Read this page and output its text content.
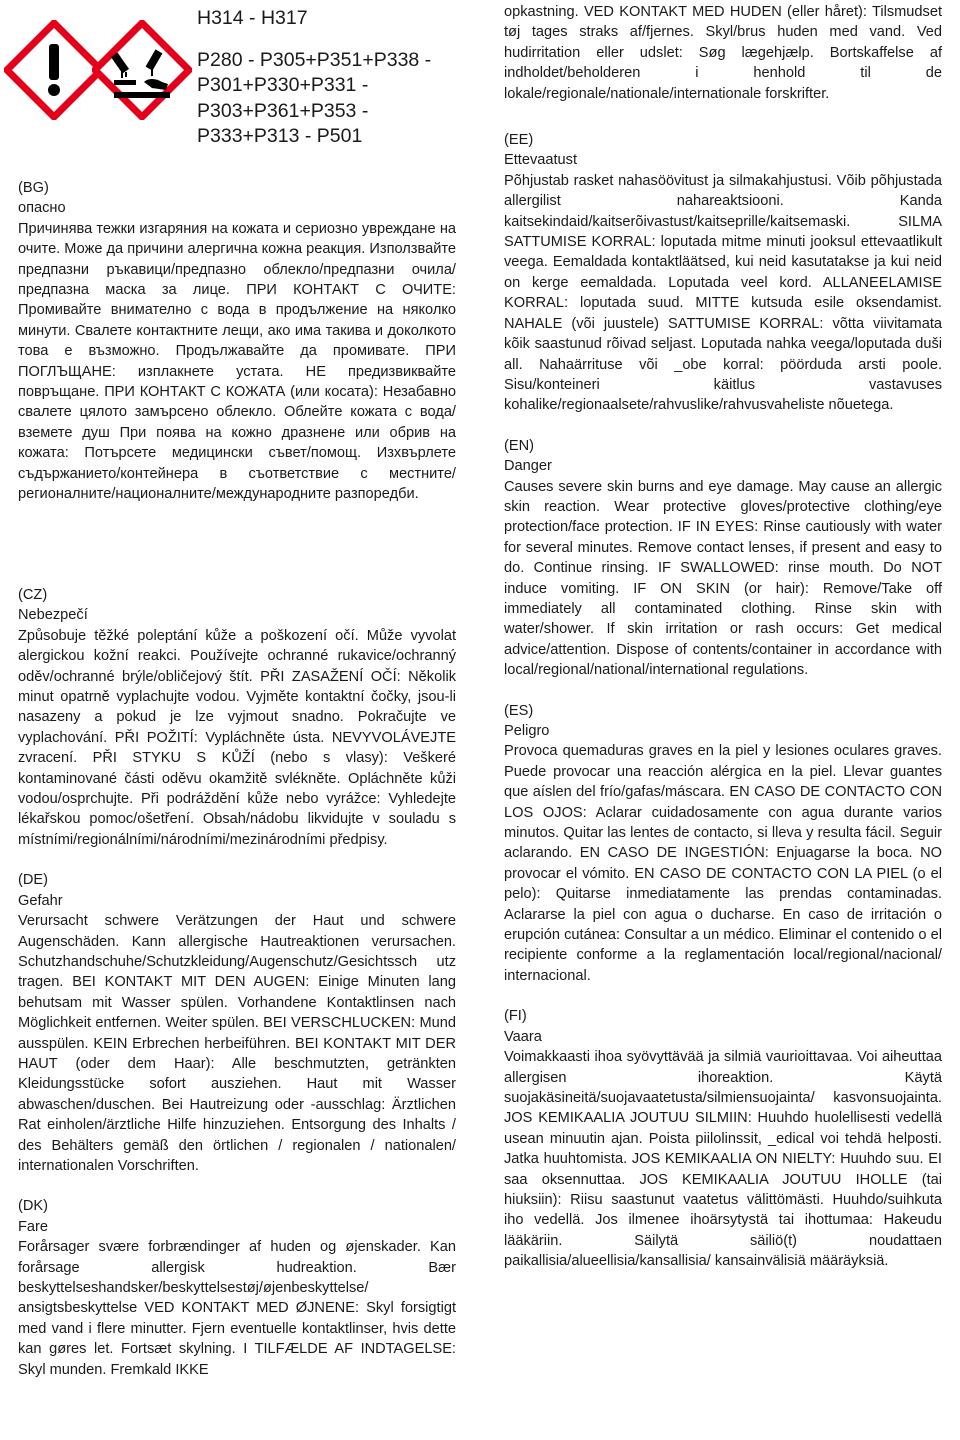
H314 - H317
P280 - P305+P351+P338 -
P301+P330+P331 -
P303+P361+P353 -
P333+P313 - P501

(BG)

опасно

Причинява тежки изгаряния на кожата и сериозно увреждане на очите. Може да причини алергична кожна реакция. Използвайте предпазни ръкавици/предпазно облекло/предпазни очила/предпазна маска за лице. ПРИ КОНТАКТ С ОЧИТЕ: Промивайте внимателно с вода в продължение на няколко минути. Свалете контактните лещи, ако има такива и доколкото това е възможно. Продължавайте да промивате. ПРИ ПОГЛЪЩАНЕ: изплакнете устата. НЕ предизвиквайте повръщане. ПРИ КОНТАКТ С КОЖАТА (или косата): Незабавно свалете цялото замърсено облекло. Облейте кожата с вода/вземете душ При поява на кожно дразнене или обрив на кожата: Потърсете медицински съвет/помощ. Изхвърлете съдържанието/контейнера в съответствие с местните/регионалните/националните/международните разпоредби.

(CZ)

Nebezpečí

Způsobuje těžké poleptání kůže a poškození očí. Může vyvolat alergickou kožní reakci. Používejte ochranné rukavice/ochranný oděv/ochranné brýle/obličejový štít. PŘI ZASAŽENÍ OČÍ: Několik minut opatrně vyplachujte vodou. Vyjměte kontaktní čočky, jsou-li nasazeny a pokud je lze vyjmout snadno. Pokračujte ve vyplachování. PŘI POŽITÍ: Vypláchněte ústa. NEVYVOLÁVEJTE zvracení. PŘI STYKU S KŮŽÍ (nebo s vlasy): Veškeré kontaminované části oděvu okamžitě svlékněte. Opláchněte kůži vodou/osprchujte. Při podráždění kůže nebo vyrážce: Vyhledejte lékařskou pomoc/ošetření. Obsah/nádobu likvidujte v souladu s místními/regionálními/národními/mezinárodními předpisy.

(DE)

Gefahr

Verursacht schwere Verätzungen der Haut und schwere Augenschäden. Kann allergische Hautreaktionen verursachen. Schutzhandschuhe/Schutzkleidung/Augenschutz/Gesichtssch utz tragen. BEI KONTAKT MIT DEN AUGEN: Einige Minuten lang behutsam mit Wasser spülen. Vorhandene Kontaktlinsen nach Möglichkeit entfernen. Weiter spülen. BEI VERSCHLUCKEN: Mund ausspülen. KEIN Erbrechen herbeiführen. BEI KONTAKT MIT DER HAUT (oder dem Haar): Alle beschmutzten, getränkten Kleidungsstücke sofort ausziehen. Haut mit Wasser abwaschen/duschen. Bei Hautreizung oder -ausschlag: Ärztlichen Rat einholen/ärztliche Hilfe hinzuziehen. Entsorgung des Inhalts / des Behälters gemäß den örtlichen / regionalen / nationalen/ internationalen Vorschriften.

(DK)

Fare

Forårsager svære forbrændinger af huden og øjenskader. Kan forårsage allergisk hudreaktion. Bær beskyttelseshandsker/beskyttelsestøj/øjenbeskyttelse/ ansigtsbeskyttelse VED KONTAKT MED ØJNENE: Skyl forsigtigt med vand i flere minutter. Fjern eventuelle kontaktlinser, hvis dette kan gøres let. Fortsæt skylning. I TILFÆLDE AF INDTAGELSE: Skyl munden. Fremkald IKKE

opkastning. VED KONTAKT MED HUDEN (eller håret): Tilsmudset tøj tages straks af/fjernes. Skyl/brus huden med vand. Ved hudirritation eller udslet: Søg lægehjælp. Bortskaffelse af indholdet/beholderen i henhold til de lokale/regionale/nationale/internationale forskrifter.

(EE)

Ettevaatust

Põhjustab rasket nahasöövitust ja silmakahjustusi. Võib põhjustada allergilist nahareaktsiooni. Kanda kaitsekindaid/kaitserõivastust/kaitseprille/kaitsemaski. SILMA SATTUMISE KORRAL: loputada mitme minuti jooksul ettevaatlikult veega. Eemaldada kontaktläätsed, kui neid kasutatakse ja kui neid on kerge eemaldada. Loputada veel kord. ALLANEELAMISE KORRAL: loputada suud. MITTE kutsuda esile oksendamist. NAHALE (või juustele) SATTUMISE KORRAL: võtta viivitamata kõik saastunud rõivad seljast. Loputada nahka veega/loputada duši all. Nahaärrituse või _obe korral: pöörduda arsti poole. Sisu/konteineri käitlus vastavuses kohalike/regionaalsete/rahvuslike/rahvusvaheliste nõuetega.

(EN)

Danger

Causes severe skin burns and eye damage. May cause an allergic skin reaction. Wear protective gloves/protective clothing/eye protection/face protection. IF IN EYES: Rinse cautiously with water for several minutes. Remove contact lenses, if present and easy to do. Continue rinsing. IF SWALLOWED: rinse mouth. Do NOT induce vomiting. IF ON SKIN (or hair): Remove/Take off immediately all contaminated clothing. Rinse skin with water/shower. If skin irritation or rash occurs: Get medical advice/attention. Dispose of contents/container in accordance with local/regional/national/international regulations.

(ES)

Peligro

Provoca quemaduras graves en la piel y lesiones oculares graves. Puede provocar una reacción alérgica en la piel. Llevar guantes que aíslen del frío/gafas/máscara. EN CASO DE CONTACTO CON LOS OJOS: Aclarar cuidadosamente con agua durante varios minutos. Quitar las lentes de contacto, si lleva y resulta fácil. Seguir aclarando. EN CASO DE INGESTIÓN: Enjuagarse la boca. NO provocar el vómito. EN CASO DE CONTACTO CON LA PIEL (o el pelo): Quitarse inmediatamente las prendas contaminadas. Aclararse la piel con agua o ducharse. En caso de irritación o erupción cutánea: Consultar a un médico. Eliminar el contenido o el recipiente conforme a la reglamentación local/regional/nacional/ internacional.

(FI)

Vaara

Voimakkaasti ihoa syövyttävää ja silmiä vaurioittavaa. Voi aiheuttaa allergisen ihoreaktion. Käytä suojakäsineitä/suojavaatetusta/silmiensuojainta/ kasvonsuojainta. JOS KEMIKAALIA JOUTUU SILMIIN: Huuhdo huolellisesti vedellä usean minuutin ajan. Poista piilolinssit, _edical voi tehdä helposti. Jatka huuhtomista. JOS KEMIKAALIA ON NIELTY: Huuhdo suu. EI saa oksennuttaa. JOS KEMIKAALIA JOUTUU IHOLLE (tai hiuksiin): Riisu saastunut vaatetus välittömästi. Huuhdo/suihkuta iho vedellä. Jos ilmenee ihoärsytystä tai ihottumaa: Hakeudu lääkäriin. Säilytä säiliö(t) noudattaen paikallisia/alueellisia/kansallisia/ kansainvälisiä määräyksiä.
